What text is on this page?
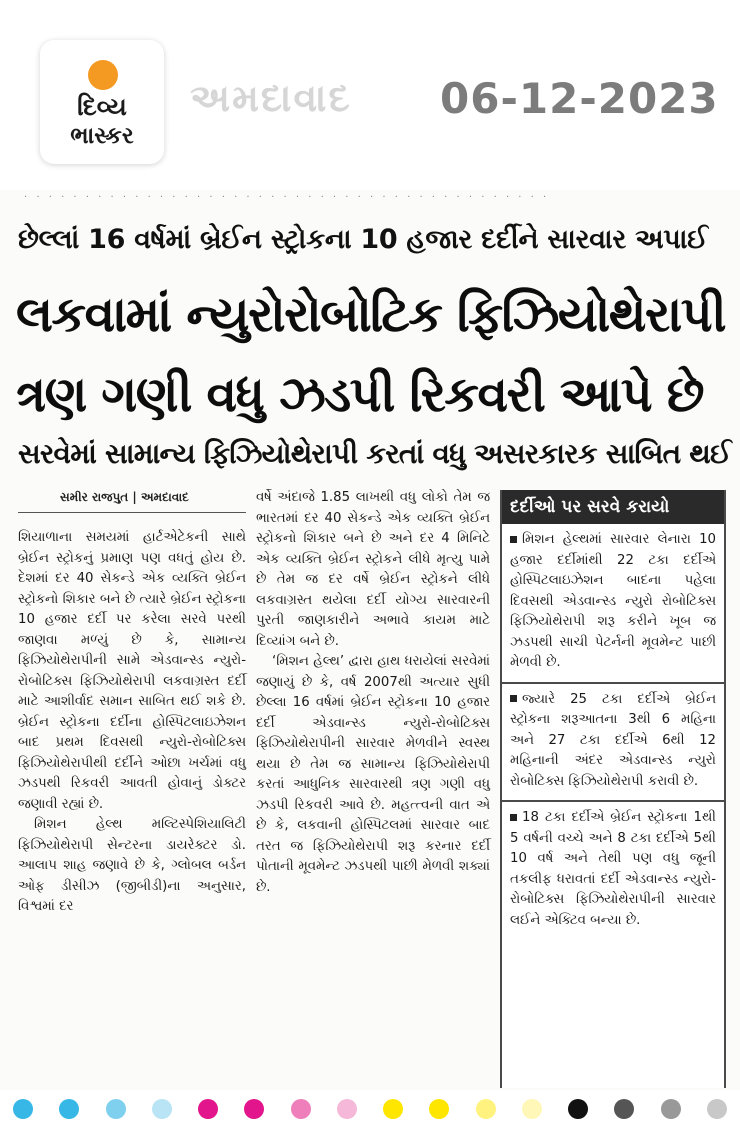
દિવ્ય
ભાસ્કર
અમદાવાદ 06-12-2023
· · · · · · · · · · · · · · · · · · · · · · · · · · · · · · · · · · · · · · · · · · ·
છેલ્લાં 16 વર્ષમાં બ્રેઈન સ્ટ્રોકના 10 હજાર દર્દીને સારવાર અપાઈ
લકવામાં ન્યુરોરોબોટિક ફિઝિયોથેરાપી
ત્રણ ગણી વધુ ઝડપી રિકવરી આપે છે
સરવેમાં સામાન્ય ફિઝિયોથેરાપી કરતાં વધુ અસરકારક સાબિત થઈ
સમીર રાજપુત | અમદાવાદ

શિયાળાના સમયમાં હાર્ટએટેકની સાથે બ્રેઈન સ્ટ્રોકનું પ્રમાણ પણ વધતું હોય છે. દેશમાં દર 40 સેકન્ડે એક વ્યક્તિ બ્રેઈન સ્ટ્રોકનો શિકાર બને છે ત્યારે બ્રેઈન સ્ટ્રોકના 10 હજાર દર્દી પર કરેલા સરવે પરથી જાણવા મળ્યું છે કે, સામાન્ય ફિઝિયોથેરાપીની સામે એડવાન્સ્ડ ન્યુરો-રોબોટિક્સ ફિઝિયોથેરાપી લકવાગ્રસ્ત દર્દી માટે આશીર્વાદ સમાન સાબિત થઈ શકે છે. બ્રેઈન સ્ટ્રોકના દર્દીના હોસ્પિટલાઇઝેશન બાદ પ્રથમ દિવસથી ન્યુરો-રોબોટિક્સ ફિઝિયોથેરાપીથી દર્દીને ઓછા ખર્ચમાં વધુ ઝડપથી રિકવરી આવતી હોવાનું ડોક્ટર જણાવી રહ્યાં છે.

મિશન હેલ્થ મલ્ટિસ્પેશિયાલિટી ફિઝિયોથેરાપી સેન્ટરના ડાયરેક્ટર ડો. આલાપ શાહ જણાવે છે કે, ગ્લોબલ બર્ડન ઓફ ડીસીઝ (જીબીડી)ના અનુસાર, વિશ્વમાં દર

વર્ષે અંદાજે 1.85 લાખથી વધુ લોકો તેમ જ ભારતમાં દર 40 સેકન્ડે એક વ્યક્તિ બ્રેઈન સ્ટ્રોકનો શિકાર બને છે અને દર 4 મિનિટે એક વ્યક્તિ બ્રેઈન સ્ટ્રોકને લીધે મૃત્યુ પામે છે તેમ જ દર વર્ષે બ્રેઈન સ્ટ્રોકને લીધે લકવાગ્રસ્ત થયેલા દર્દી યોગ્ય સારવારની પુરતી જાણકારીને અભાવે કાયમ માટે દિવ્યાંગ બને છે.

‘મિશન હેલ્થ’ દ્વારા હાથ ધરાયેલાં સરવેમાં જણાયું છે કે, વર્ષ 2007થી અત્યાર સુધી છેલ્લા 16 વર્ષમાં બ્રેઈન સ્ટ્રોકના 10 હજાર દર્દી એડવાન્સ્ડ ન્યુરો-રોબોટિક્સ ફિઝિયોથેરાપીની સારવાર મેળવીને સ્વસ્થ થયા છે તેમ જ સામાન્ય ફિઝિયોથેરાપી કરતાં આધુનિક સારવારથી ત્રણ ગણી વધુ ઝડપી રિકવરી આવે છે. મહત્ત્વની વાત એ છે કે, લકવાની હોસ્પિટલમાં સારવાર બાદ તરત જ ફિઝિયોથેરાપી શરૂ કરનાર દર્દી પોતાની મૂવમેન્ટ ઝડપથી પાછી મેળવી શક્યાં છે.

દર્દીઓ પર સરવે કરાયો
મિશન હેલ્થમાં સારવાર લેનારા 10 હજાર દર્દીમાંથી 22 ટકા દર્દીએ હોસ્પિટલાઇઝેશન બાદના પહેલા દિવસથી એડવાન્સ્ડ ન્યુરો રોબોટિક્સ ફિઝિયોથેરાપી શરૂ કરીને ખૂબ જ ઝડપથી સાચી પેટર્નની મૂવમેન્ટ પાછી મેળવી છે.
જ્યારે 25 ટકા દર્દીએ બ્રેઈન સ્ટ્રોકના શરૂઆતના 3થી 6 મહિના અને 27 ટકા દર્દીએ 6થી 12 મહિનાની અંદર એડવાન્સ્ડ ન્યુરો રોબોટિક્સ ફિઝિયોથેરાપી કરાવી છે.
18 ટકા દર્દીએ બ્રેઈન સ્ટ્રોકના 1થી 5 વર્ષની વચ્ચે અને 8 ટકા દર્દીએ 5થી 10 વર્ષ અને તેથી પણ વધુ જૂની તકલીફ ધરાવતાં દર્દી એડવાન્સ્ડ ન્યુરો-રોબોટિક્સ ફિઝિયોથેરાપીની સારવાર લઈને એક્ટિવ બન્યા છે.
